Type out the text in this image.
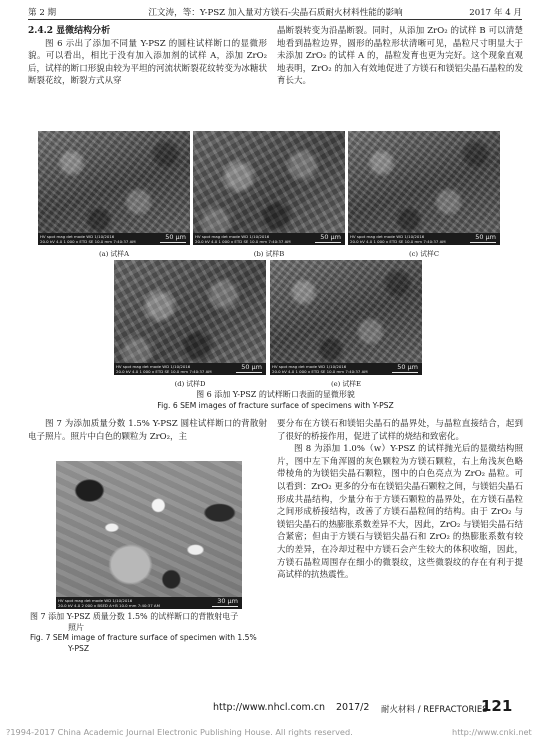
第 2 期	江文涛，等：Y-PSZ 加入量对方镁石-尖晶石质耐火材料性能的影响	2017 年 4 月
2.4.2 显微结构分析

图 6 示出了添加不同量 Y-PSZ 的圆柱试样断口的显微形貌。可以看出，相比于没有加入添加剂的试样 A，添加 ZrO₂ 后，试样的断口形貌由较为平坦的河流状断裂花纹转变为冰糖状断裂花纹，断裂方式从穿

晶断裂转变为沿晶断裂。同时，从添加 ZrO₂ 的试样 B 可以清楚地看到晶粒边界，圆形的晶粒形状清晰可见，晶粒尺寸明显大于未添加 ZrO₂ 的试样 A 的，晶粒发育也更为完好。这个现象直观地表明，ZrO₂ 的加入有效地促进了方镁石和镁铝尖晶石晶粒的发育长大。

HV spot mag det mode WD 1/10/2016
20.0 kV 4.0 1 000 x ETD SE 10.0 mm 7:40:37 AM
50 μm HV spot mag det mode WD 1/10/2016
20.0 kV 4.0 1 000 x ETD SE 10.0 mm 7:40:37 AM
50 μm HV spot mag det mode WD 1/10/2016
20.0 kV 4.0 1 000 x ETD SE 10.0 mm 7:40:37 AM
50 μm
(a) 试样A	(b) 试样B	(c) 试样C
HV spot mag det mode WD 1/10/2016
20.0 kV 4.0 1 000 x ETD SE 10.0 mm 7:40:37 AM
50 μm	HV spot mag det mode WD 1/10/2016
20.0 kV 4.0 1 000 x ETD SE 10.0 mm 7:40:37 AM
50 μm
(d) 试样D	(e) 试样E
图 6 添加 Y-PSZ 的试样断口表面的显微形貌
Fig. 6 SEM images of fracture surface of specimens with Y-PSZ

图 7 为添加质量分数 1.5% Y-PSZ 圆柱试样断口的背散射电子照片。照片中白色的颗粒为 ZrO₂，主

HV spot mag det mode WD 1/10/2016
20.0 kV 4.0 2 000 x BSED A+B 10.0 mm 7:40:37 AM
30 μm
图 7 添加 Y-PSZ 质量分数 1.5% 的试样断口的背散射电子
照片
Fig. 7 SEM image of fracture surface of specimen with 1.5%
Y-PSZ

要分布在方镁石和镁铝尖晶石的晶界处，与晶粒直接结合，起到了很好的桥接作用，促进了试样的烧结和致密化。

图 8 为添加 1.0%（w）Y-PSZ 的试样抛光后的显微结构照片，图中左下角浑圆的灰色颗粒为方镁石颗粒，右上角浅灰色略带棱角的为镁铝尖晶石颗粒，图中的白色亮点为 ZrO₂ 晶粒。可以看到：ZrO₂ 更多的分布在镁铝尖晶石颗粒之间，与镁铝尖晶石形成共晶结构，少量分布于方镁石颗粒的晶界处，在方镁石晶粒之间形成桥接结构，改善了方镁石晶粒间的结构。由于 ZrO₂ 与镁铝尖晶石的热膨胀系数差异不大，因此，ZrO₂ 与镁铝尖晶石结合紧密；但由于方镁石与镁铝尖晶石和 ZrO₂ 的热膨胀系数有较大的差异，在冷却过程中方镁石会产生较大的体积收缩，因此，方镁石晶粒周围存在细小的微裂纹，这些微裂纹的存在有利于提高试样的抗热震性。

http://www.nhcl.com.cn 2017/2 耐火材料 / REFRACTORIES
121
?1994-2017 China Academic Journal Electronic Publishing House. All rights reserved.	http://www.cnki.net
